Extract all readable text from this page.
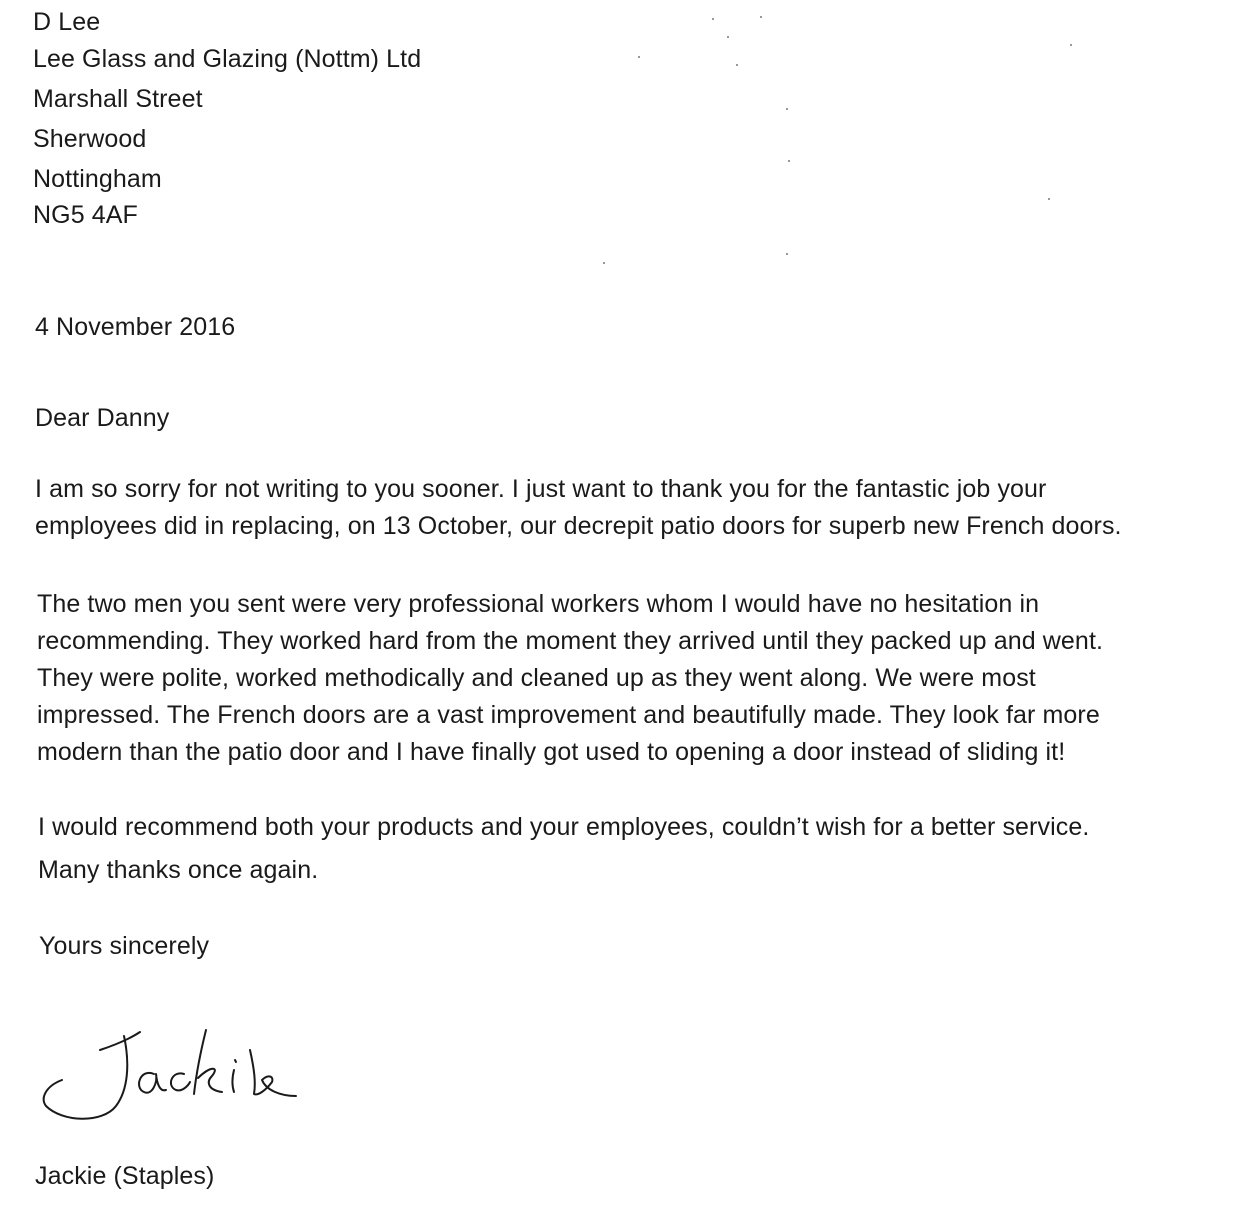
D Lee
Lee Glass and Glazing (Nottm) Ltd
Marshall Street
Sherwood
Nottingham
NG5 4AF
4 November 2016
Dear Danny
I am so sorry for not writing to you sooner. I just want to thank you for the fantastic job your
employees did in replacing, on 13 October, our decrepit patio doors for superb new French doors.
The two men you sent were very professional workers whom I would have no hesitation in
recommending. They worked hard from the moment they arrived until they packed up and went.
They were polite, worked methodically and cleaned up as they went along. We were most
impressed. The French doors are a vast improvement and beautifully made. They look far more
modern than the patio door and I have finally got used to opening a door instead of sliding it!
I would recommend both your products and your employees, couldn’t wish for a better service.
Many thanks once again.
Yours sincerely
Jackie (Staples)
